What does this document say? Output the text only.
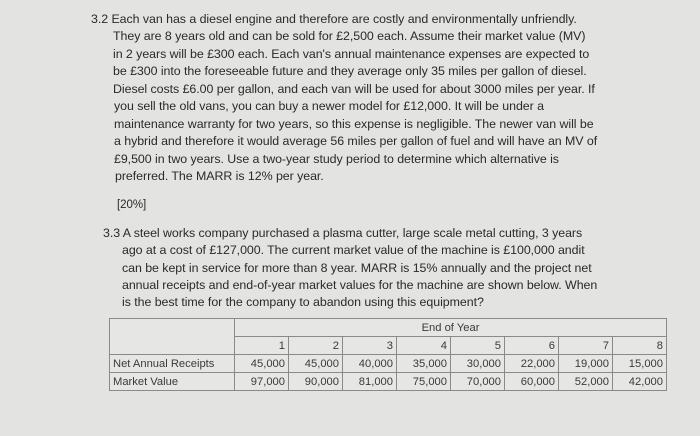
3.2 Each van has a diesel engine and therefore are costly and environmentally unfriendly.
They are 8 years old and can be sold for £2,500 each. Assume their market value (MV)
in 2 years will be £300 each. Each van's annual maintenance expenses are expected to
be £300 into the foreseeable future and they average only 35 miles per gallon of diesel.
Diesel costs £6.00 per gallon, and each van will be used for about 3000 miles per year. If
you sell the old vans, you can buy a newer model for £12,000. It will be under a
maintenance warranty for two years, so this expense is negligible. The newer van will be
a hybrid and therefore it would average 56 miles per gallon of fuel and will have an MV of
£9,500 in two years. Use a two-year study period to determine which alternative is
preferred. The MARR is 12% per year.
[20%]
3.3 A steel works company purchased a plasma cutter, large scale metal cutting, 3 years
ago at a cost of £127,000. The current market value of the machine is £100,000 andit
can be kept in service for more than 8 year. MARR is 15% annually and the project net
annual receipts and end-of-year market values for the machine are shown below. When
is the best time for the company to abandon using this equipment?
	End of Year							
	1	2	3	4	5	6	7	8
Net Annual Receipts	45,000	45,000	40,000	35,000	30,000	22,000	19,000	15,000
Market Value	97,000	90,000	81,000	75,000	70,000	60,000	52,000	42,000
